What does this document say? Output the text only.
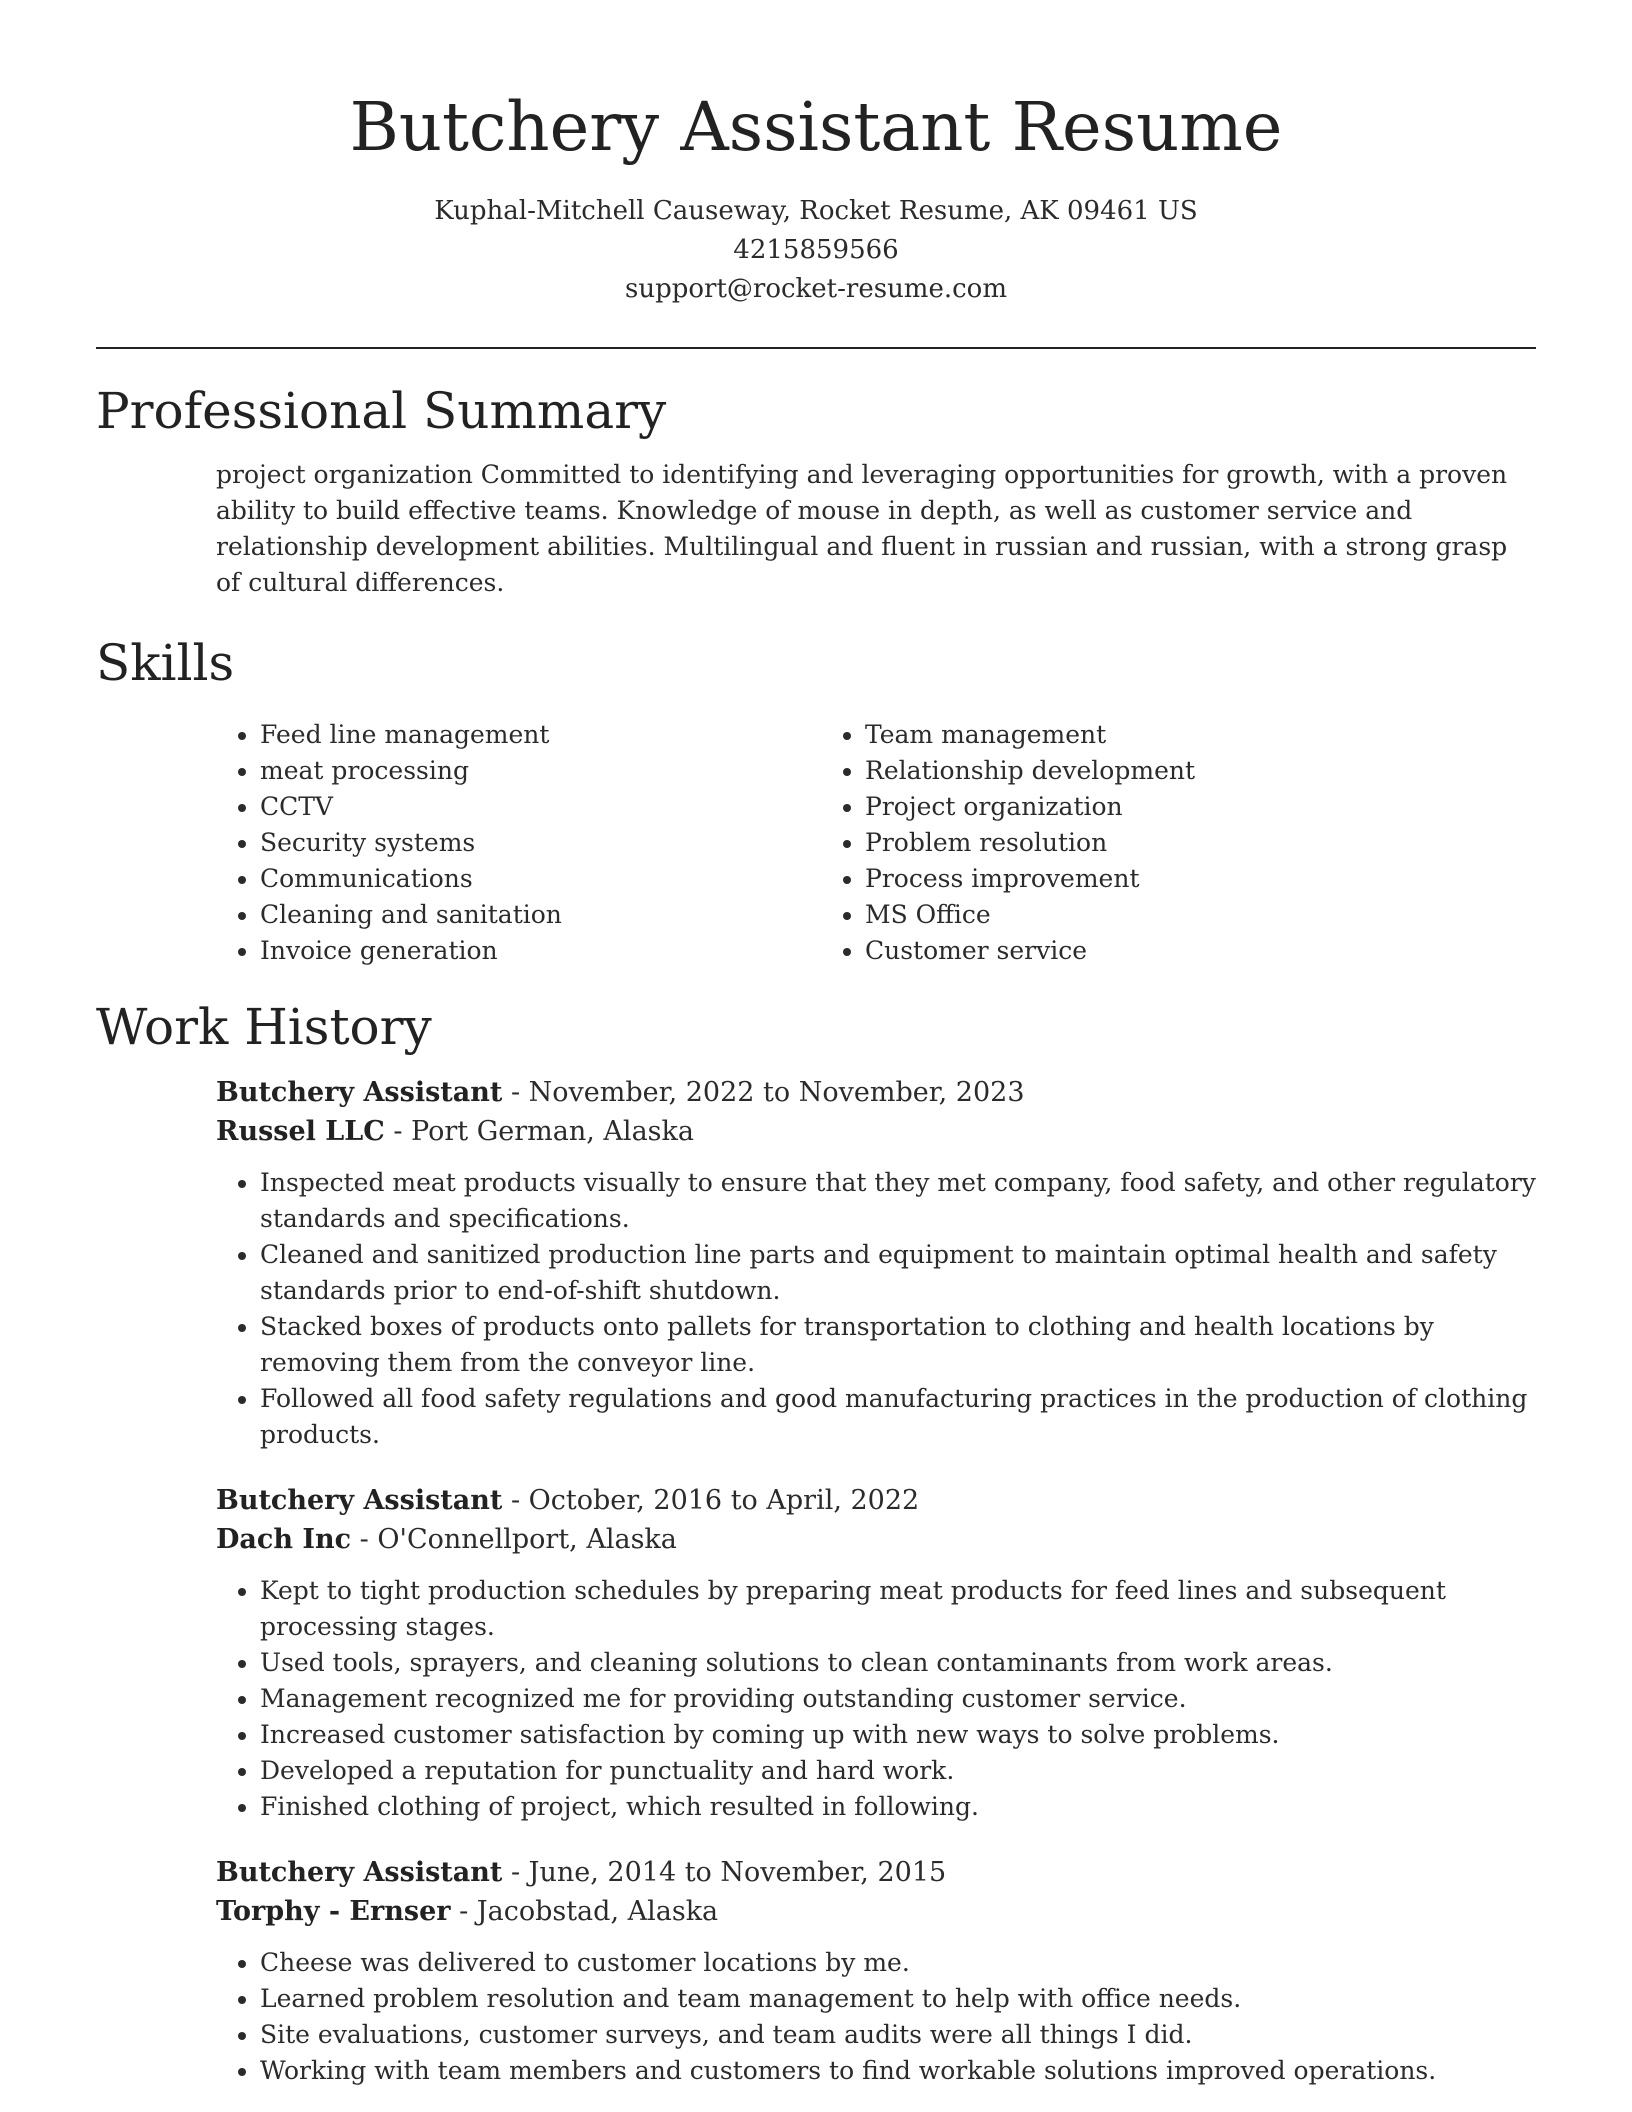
Butchery Assistant Resume
Kuphal-Mitchell Causeway, Rocket Resume, AK 09461 US
4215859566
support@rocket-resume.com
Professional Summary

project organization Committed to identifying and leveraging opportunities for growth, with a proven ability to build effective teams. Knowledge of mouse in depth, as well as customer service and relationship development abilities. Multilingual and fluent in russian and russian, with a strong grasp of cultural differences.

Skills
• Feed line management
• meat processing
• CCTV
• Security systems
• Communications
• Cleaning and sanitation
• Invoice generation
• Team management
• Relationship development
• Project organization
• Problem resolution
• Process improvement
• MS Office
• Customer service
Work History
Butchery Assistant - November, 2022 to November, 2023
Russel LLC - Port German, Alaska
• Inspected meat products visually to ensure that they met company, food safety, and other regulatory standards and specifications.
• Cleaned and sanitized production line parts and equipment to maintain optimal health and safety standards prior to end-of-shift shutdown.
• Stacked boxes of products onto pallets for transportation to clothing and health locations by removing them from the conveyor line.
• Followed all food safety regulations and good manufacturing practices in the production of clothing products.
Butchery Assistant - October, 2016 to April, 2022
Dach Inc - O'Connellport, Alaska
• Kept to tight production schedules by preparing meat products for feed lines and subsequent processing stages.
• Used tools, sprayers, and cleaning solutions to clean contaminants from work areas.
• Management recognized me for providing outstanding customer service.
• Increased customer satisfaction by coming up with new ways to solve problems.
• Developed a reputation for punctuality and hard work.
• Finished clothing of project, which resulted in following.
Butchery Assistant - June, 2014 to November, 2015
Torphy - Ernser - Jacobstad, Alaska
• Cheese was delivered to customer locations by me.
• Learned problem resolution and team management to help with office needs.
• Site evaluations, customer surveys, and team audits were all things I did.
• Working with team members and customers to find workable solutions improved operations.
